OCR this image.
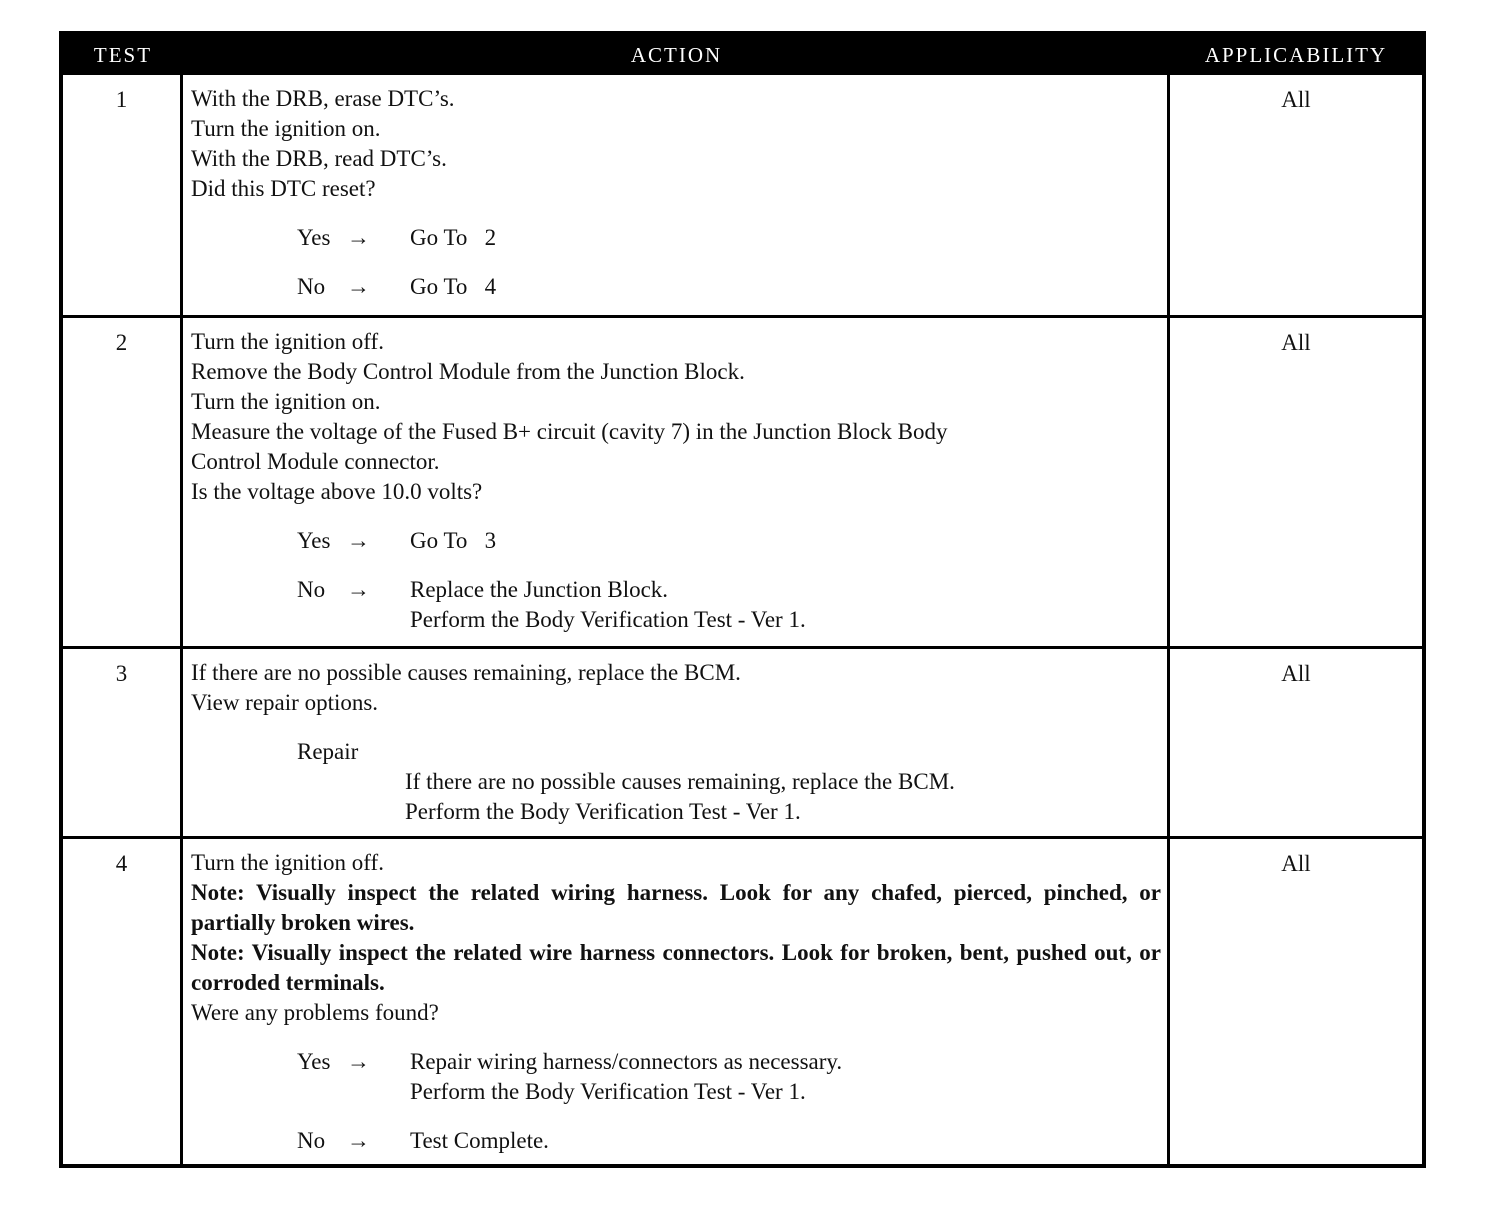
TEST	ACTION	APPLICABILITY
1	With the DRB, erase DTC’s.
Turn the ignition on.
With the DRB, read DTC’s.
Did this DTC reset?
Yes →	Go To   2
No →	Go To   4
All
2	Turn the ignition off.
Remove the Body Control Module from the Junction Block.
Turn the ignition on.
Measure the voltage of the Fused B+ circuit (cavity 7) in the Junction Block Body
Control Module connector.
Is the voltage above 10.0 volts?
Yes →	Go To   3
No →	Replace the Junction Block.
Perform the Body Verification Test - Ver 1.
All
3	If there are no possible causes remaining, replace the BCM.
View repair options.
Repair
If there are no possible causes remaining, replace the BCM.
Perform the Body Verification Test - Ver 1.
All
4	Turn the ignition off.
Note: Visually inspect the related wiring harness. Look for any chafed, pierced, pinched, or partially broken wires.
Note: Visually inspect the related wire harness connectors. Look for broken, bent, pushed out, or corroded terminals.
Were any problems found?
Yes →	Repair wiring harness/connectors as necessary.
Perform the Body Verification Test - Ver 1.
No →	Test Complete.
All
